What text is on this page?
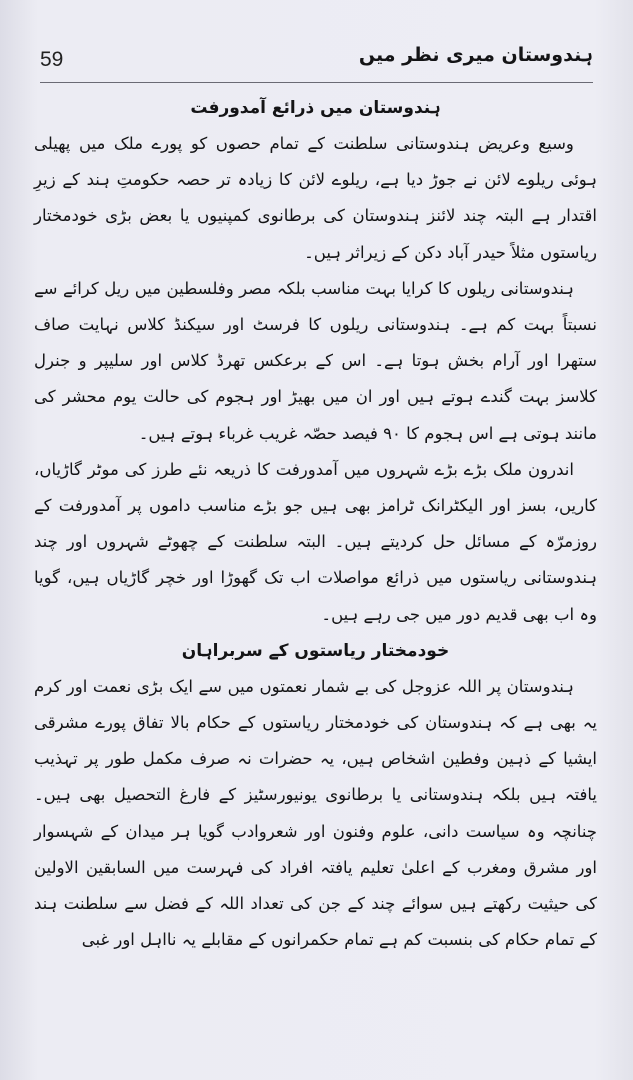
59	ہندوستان میری نظر میں
ہندوستان میں ذرائع آمدورفت

وسیع وعریض ہندوستانی سلطنت کے تمام حصوں کو پورے ملک میں پھیلی ہوئی ریلوے لائن نے جوڑ دیا ہے، ریلوے لائن کا زیادہ تر حصہ حکومتِ ہند کے زیرِ اقتدار ہے البتہ چند لائنز ہندوستان کی برطانوی کمپنیوں یا بعض بڑی خودمختار ریاستوں مثلاً حیدر آباد دکن کے زیراثر ہیں۔

ہندوستانی ریلوں کا کرایا بہت مناسب بلکہ مصر وفلسطین میں ریل کرائے سے نسبتاً بہت کم ہے۔ ہندوستانی ریلوں کا فرسٹ اور سیکنڈ کلاس نہایت صاف ستھرا اور آرام بخش ہوتا ہے۔ اس کے برعکس تھرڈ کلاس اور سلیپر و جنرل کلاسز بہت گندے ہوتے ہیں اور ان میں بھیڑ اور ہجوم کی حالت یوم محشر کی مانند ہوتی ہے اس ہجوم کا ۹۰ فیصد حصّہ غریب غرباء ہوتے ہیں۔

اندرون ملک بڑے بڑے شہروں میں آمدورفت کا ذریعہ نئے طرز کی موٹر گاڑیاں، کاریں، بسز اور الیکٹرانک ٹرامز بھی ہیں جو بڑے مناسب داموں پر آمدورفت کے روزمرّہ کے مسائل حل کردیتے ہیں۔ البتہ سلطنت کے چھوٹے شہروں اور چند ہندوستانی ریاستوں میں ذرائع مواصلات اب تک گھوڑا اور خچر گاڑیاں ہیں، گویا وہ اب بھی قدیم دور میں جی رہے ہیں۔

خودمختار ریاستوں کے سربراہان

ہندوستان پر اللہ عزوجل کی بے شمار نعمتوں میں سے ایک بڑی نعمت اور کرم یہ بھی ہے کہ ہندوستان کی خودمختار ریاستوں کے حکام بالا تفاق پورے مشرقی ایشیا کے ذہین وفطین اشخاص ہیں، یہ حضرات نہ صرف مکمل طور پر تہذیب یافتہ ہیں بلکہ ہندوستانی یا برطانوی یونیورسٹیز کے فارغ التحصیل بھی ہیں۔ چنانچہ وہ سیاست دانی، علوم وفنون اور شعروادب گویا ہر میدان کے شہسوار اور مشرق ومغرب کے اعلیٰ تعلیم یافتہ افراد کی فہرست میں السابقین الاولین کی حیثیت رکھتے ہیں سوائے چند کے جن کی تعداد اللہ کے فضل سے سلطنت ہند کے تمام حکام کی بنسبت کم ہے تمام حکمرانوں کے مقابلے یہ نااہل اور غبی
